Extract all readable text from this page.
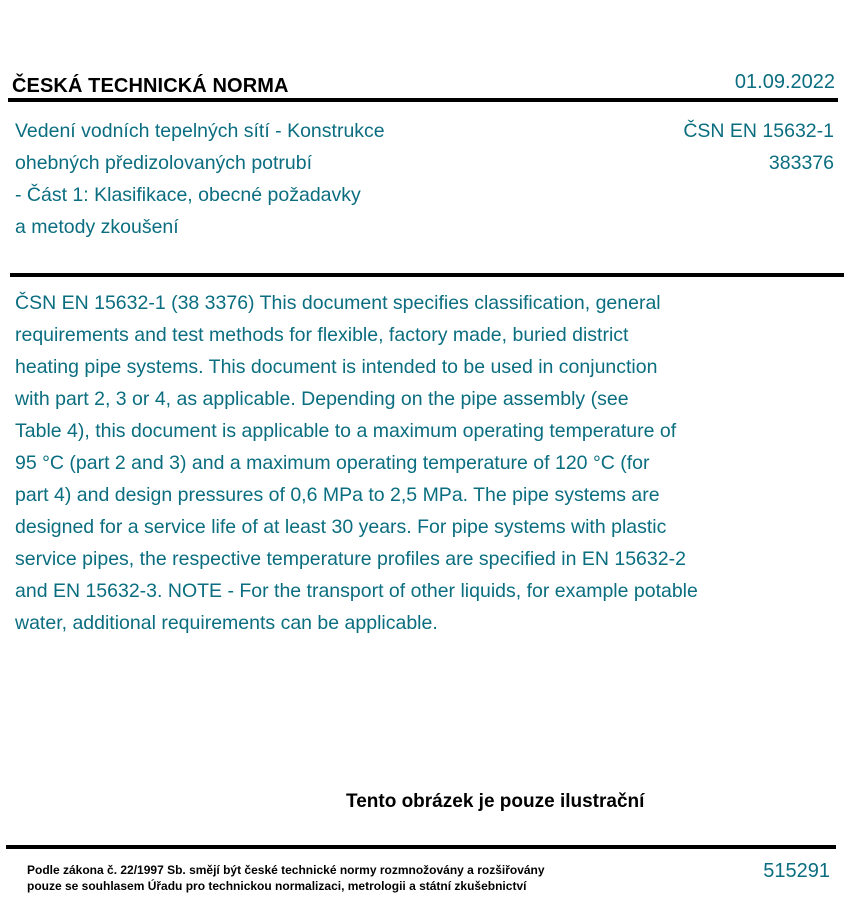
ČESKÁ TECHNICKÁ NORMA	01.09.2022
Vedení vodních tepelných sítí - Konstrukce
ohebných předizolovaných potrubí
- Část 1: Klasifikace, obecné požadavky
a metody zkoušení
ČSN EN 15632-1
383376
ČSN EN 15632-1 (38 3376) This document specifies classification, general
requirements and test methods for flexible, factory made, buried district
heating pipe systems. This document is intended to be used in conjunction
with part 2, 3 or 4, as applicable. Depending on the pipe assembly (see
Table 4), this document is applicable to a maximum operating temperature of
95 °C (part 2 and 3) and a maximum operating temperature of 120 °C (for
part 4) and design pressures of 0,6 MPa to 2,5 MPa. The pipe systems are
designed for a service life of at least 30 years. For pipe systems with plastic
service pipes, the respective temperature profiles are specified in EN 15632-2
and EN 15632-3. NOTE - For the transport of other liquids, for example potable
water, additional requirements can be applicable.
Tento obrázek je pouze ilustrační
Podle zákona č. 22/1997 Sb. smějí být české technické normy rozmnožovány a rozšiřovány
pouze se souhlasem Úřadu pro technickou normalizaci, metrologii a státní zkušebnictví
515291
